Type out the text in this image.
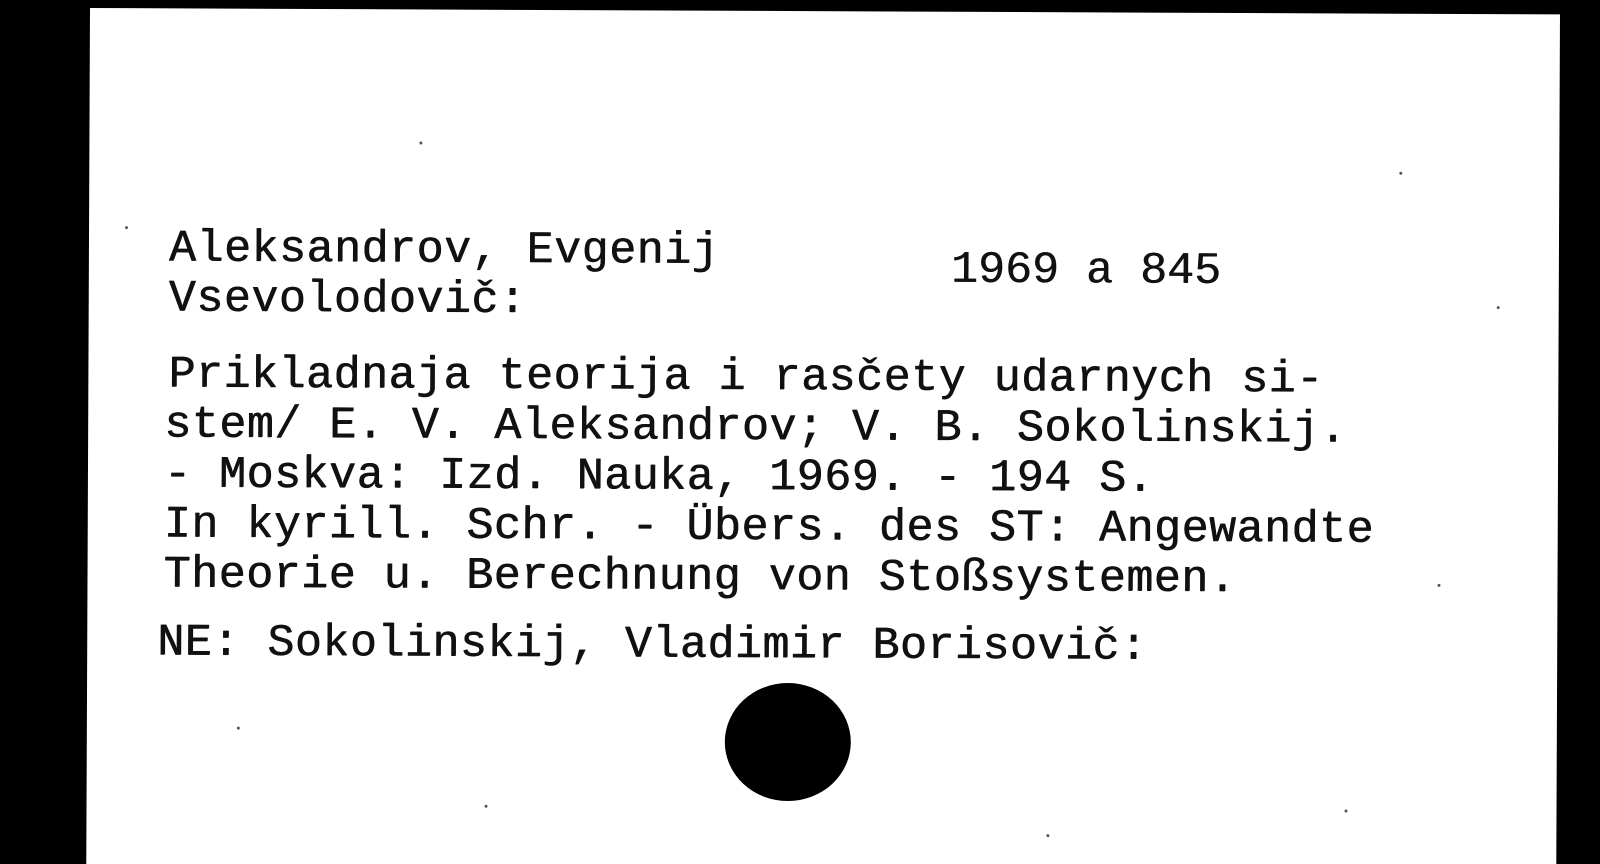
Aleksandrov, Evgenij
Vsevolodovič:
1969 a 845
Prikladnaja teorija i rasčety udarnych si-
stem/ E. V. Aleksandrov; V. B. Sokolinskij.
- Moskva: Izd. Nauka, 1969. - 194 S.
In kyrill. Schr. - Übers. des ST: Angewandte
Theorie u. Berechnung von Stoßsystemen.
NE: Sokolinskij, Vladimir Borisovič:
